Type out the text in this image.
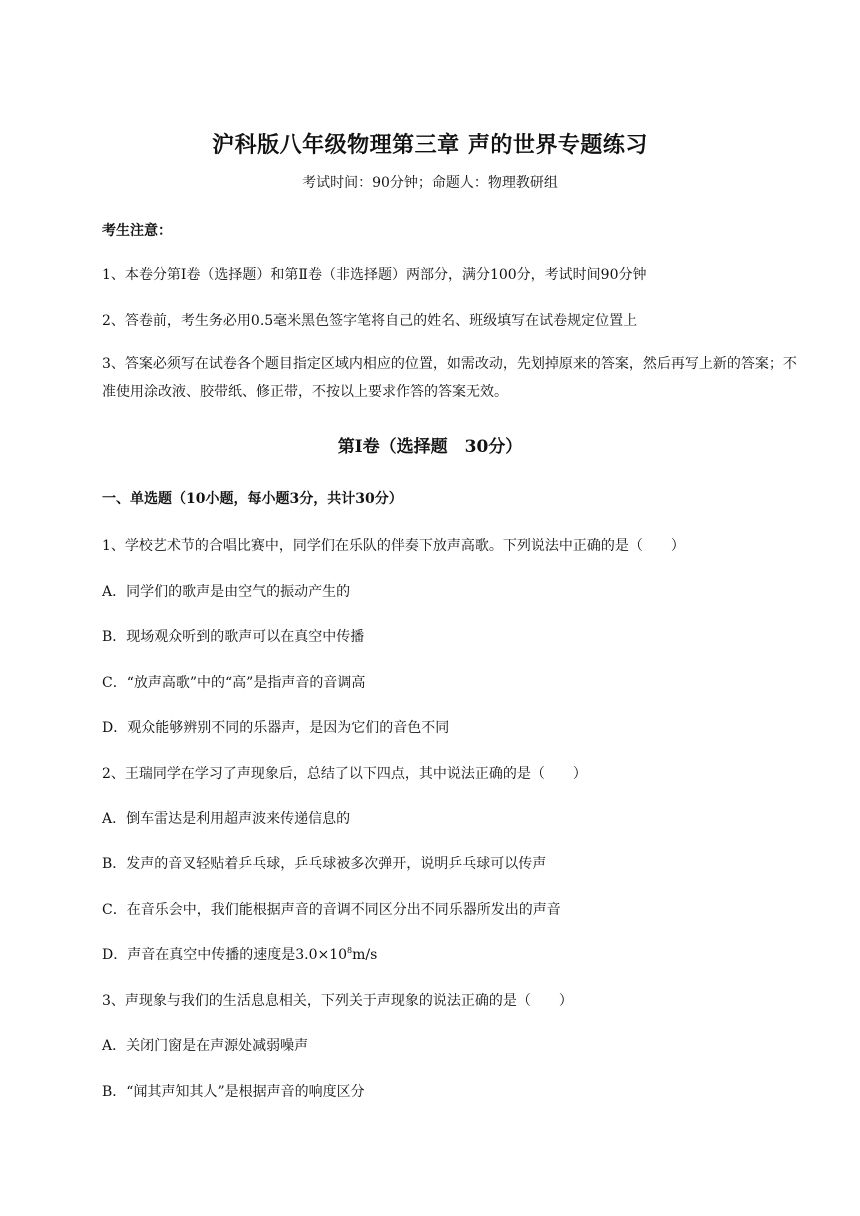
沪科版八年级物理第三章 声的世界专题练习
考试时间：90分钟；命题人：物理教研组
考生注意：
1、本卷分第Ⅰ卷（选择题）和第Ⅱ卷（非选择题）两部分，满分100分，考试时间90分钟
2、答卷前，考生务必用0.5毫米黑色签字笔将自己的姓名、班级填写在试卷规定位置上
3、答案必须写在试卷各个题目指定区域内相应的位置，如需改动，先划掉原来的答案，然后再写上新的答案；不准使用涂改液、胶带纸、修正带，不按以上要求作答的答案无效。
第Ⅰ卷（选择题　30分）
一、单选题（10小题，每小题3分，共计30分）
1、学校艺术节的合唱比赛中，同学们在乐队的伴奏下放声高歌。下列说法中正确的是（　　）
A．同学们的歌声是由空气的振动产生的
B．现场观众听到的歌声可以在真空中传播
C．“放声高歌”中的“高”是指声音的音调高
D．观众能够辨别不同的乐器声，是因为它们的音色不同
2、王瑞同学在学习了声现象后，总结了以下四点，其中说法正确的是（　　）
A．倒车雷达是利用超声波来传递信息的
B．发声的音叉轻贴着乒乓球，乒乓球被多次弹开，说明乒乓球可以传声
C．在音乐会中，我们能根据声音的音调不同区分出不同乐器所发出的声音
D．声音在真空中传播的速度是$3.0\times 10^8m/s$
3、声现象与我们的生活息息相关，下列关于声现象的说法正确的是（　　）
A．关闭门窗是在声源处减弱噪声
B．“闻其声知其人”是根据声音的响度区分
